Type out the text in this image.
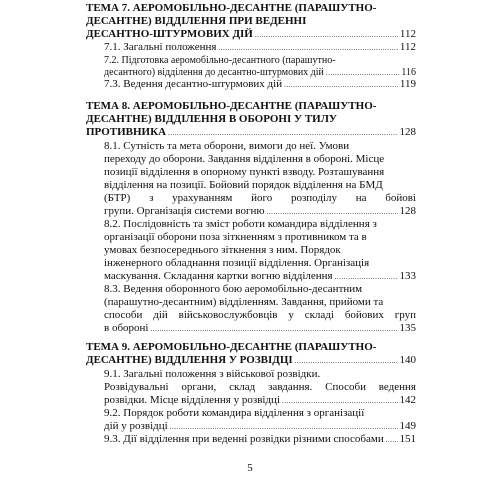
ТЕМА 7. АЕРОМОБІЛЬНО-ДЕСАНТНЕ (ПАРАШУТНО-
ДЕСАНТНЕ) ВІДДІЛЕННЯ ПРИ ВЕДЕННІ
ДЕСАНТНО-ШТУРМОВИХ ДІЙ .....	112
7.1. Загальні положення .....	112
7.2. Підготовка аеромобільно-десантного (парашутно-
десантного) відділення до десантно-штурмових дій .....	116
7.3. Ведення десантно-штурмових дій .....	119
ТЕМА 8. АЕРОМОБІЛЬНО-ДЕСАНТНЕ (ПАРАШУТНО-
ДЕСАНТНЕ) ВІДДІЛЕННЯ В ОБОРОНІ У ТИЛУ
ПРОТИВНИКА .....	128
8.1. Сутність та мета оборони, вимоги до неї. Умови
переходу до оборони. Завдання відділення в обороні. Місце
позиції відділення в опорному пункті взводу. Розташування
відділення на позиції. Бойовий порядок відділення на БМД
(БТР) з урахуванням його розподілу на бойові
групи. Організація системи вогню .....	128
8.2. Послідовність та зміст роботи командира відділення з
організації оборони поза зіткненням з противником та в
умовах безпосереднього зіткнення з ним. Порядок
інженерного обладнання позиції відділення. Організація
маскування. Складання картки вогню відділення .....	133
8.3. Ведення оборонного бою аеромобільно-десантним
(парашутно-десантним) відділенням. Завдання, прийоми та
способи дій військовослужбовців у складі бойових груп
в обороні .....	135
ТЕМА 9. АЕРОМОБІЛЬНО-ДЕСАНТНЕ (ПАРАШУТНО-
ДЕСАНТНЕ) ВІДДІЛЕННЯ У РОЗВІДЦІ .....	140
9.1. Загальні положення з військової розвідки.
Розвідувальні органи, склад завдання. Способи ведення
розвідки. Місце відділення у розвідці .....	142
9.2. Порядок роботи командира відділення з організації
дій у розвідці .....	149
9.3. Дії відділення при веденні розвідки різними способами ..... 151
5
